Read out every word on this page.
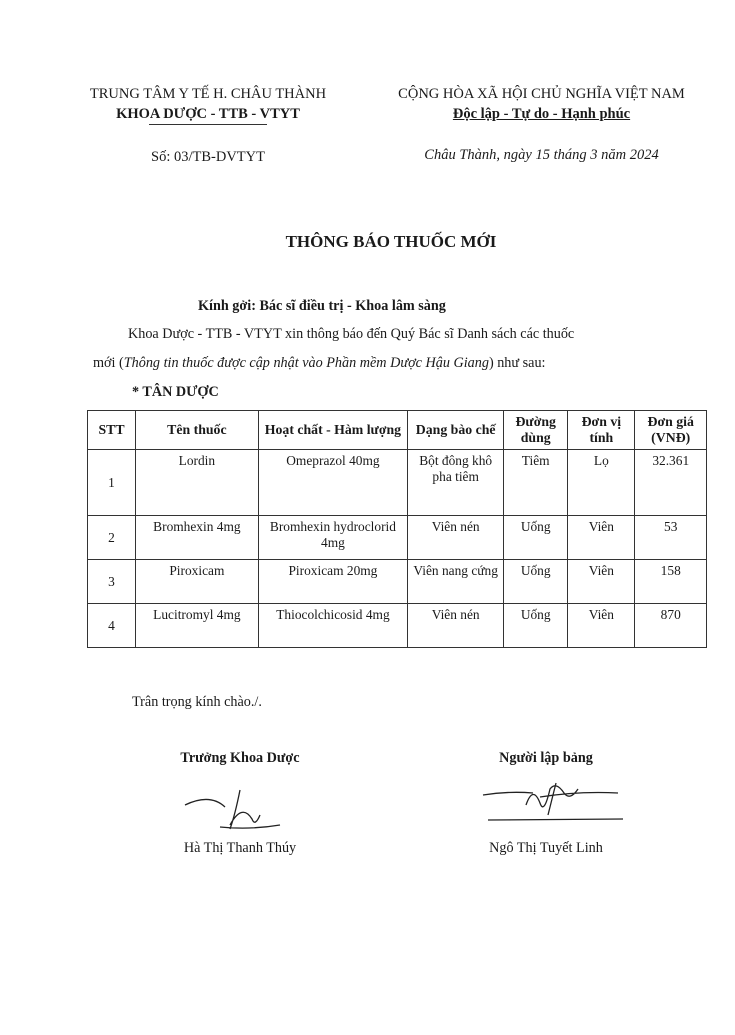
TRUNG TÂM Y TẾ H. CHÂU THÀNH
KHOA DƯỢC - TTB - VTYT
Số: 03/TB-DVTYT
CỘNG HÒA XÃ HỘI CHỦ NGHĨA VIỆT NAM
Độc lập - Tự do - Hạnh phúc
Châu Thành, ngày 15 tháng 3 năm 2024
THÔNG BÁO THUỐC MỚI
Kính gởi: Bác sĩ điều trị - Khoa lâm sàng
Khoa Dược - TTB - VTYT xin thông báo đến Quý Bác sĩ Danh sách các thuốc
mới (Thông tin thuốc được cập nhật vào Phần mềm Dược Hậu Giang) như sau:
* TÂN DƯỢC
STT	Tên thuốc	Hoạt chất - Hàm lượng	Dạng bào chế	Đường dùng	Đơn vị tính	Đơn giá (VNĐ)
1	Lordin	Omeprazol 40mg	Bột đông khô pha tiêm	Tiêm	Lọ	32.361
2	Bromhexin 4mg	Bromhexin hydroclorid 4mg	Viên nén	Uống	Viên	53
3	Piroxicam	Piroxicam 20mg	Viên nang cứng	Uống	Viên	158
4	Lucitromyl 4mg	Thiocolchicosid 4mg	Viên nén	Uống	Viên	870
Trân trọng kính chào./.
Trưởng Khoa Dược
Hà Thị Thanh Thúy
Người lập bảng
Ngô Thị Tuyết Linh
